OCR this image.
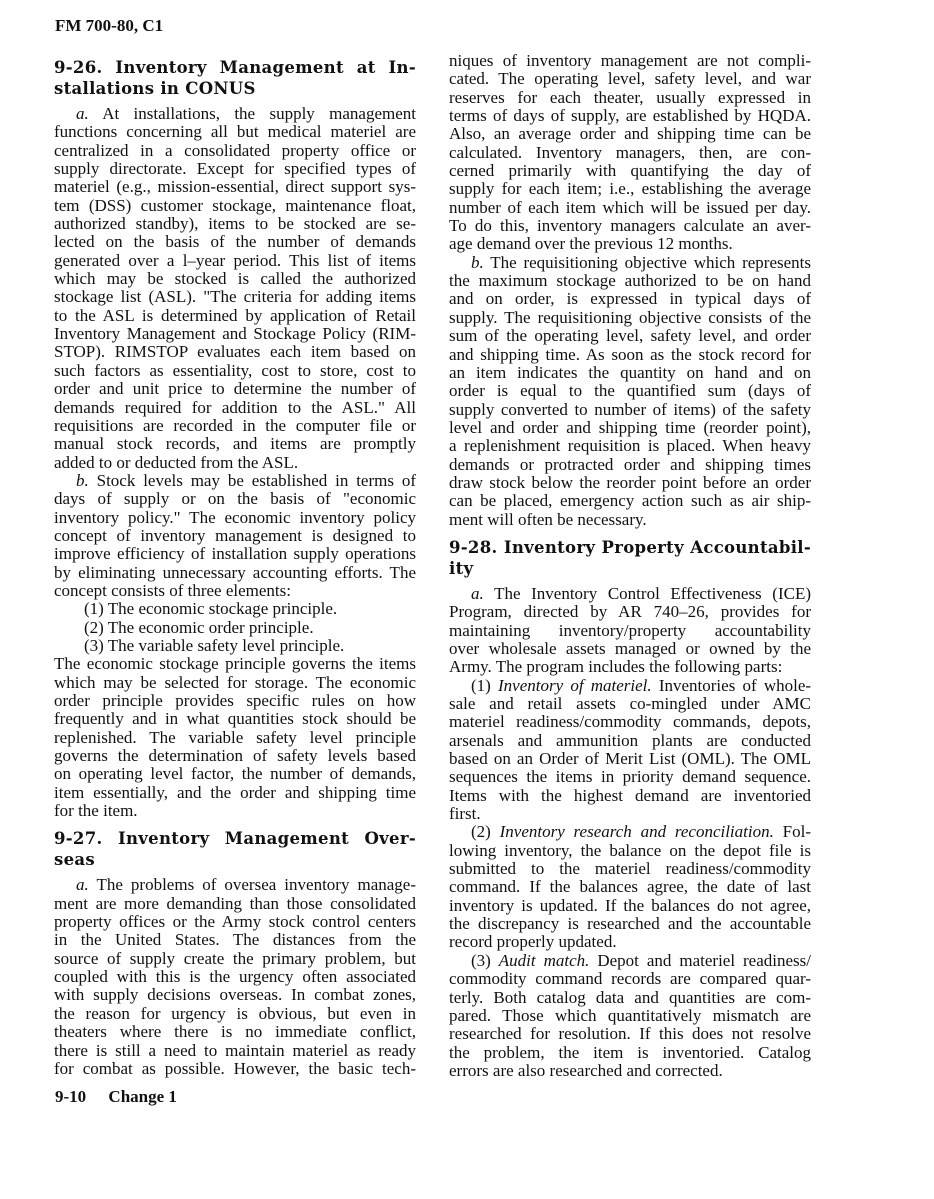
FM 700-80, C1
9-26. Inventory Management at In-
stallations in CONUS
a. At installations, the supply management
functions concerning all but medical materiel are
centralized in a consolidated property office or
supply directorate. Except for specified types of
materiel (e.g., mission-essential, direct support sys-
tem (DSS) customer stockage, maintenance float,
authorized standby), items to be stocked are se-
lected on the basis of the number of demands
generated over a l–year period. This list of items
which may be stocked is called the authorized
stockage list (ASL). "The criteria for adding items
to the ASL is determined by application of Retail
Inventory Management and Stockage Policy (RIM-
STOP). RIMSTOP evaluates each item based on
such factors as essentiality, cost to store, cost to
order and unit price to determine the number of
demands required for addition to the ASL." All
requisitions are recorded in the computer file or
manual stock records, and items are promptly
added to or deducted from the ASL.
b. Stock levels may be established in terms of
days of supply or on the basis of "economic
inventory policy." The economic inventory policy
concept of inventory management is designed to
improve efficiency of installation supply operations
by eliminating unnecessary accounting efforts. The
concept consists of three elements:
(1) The economic stockage principle.
(2) The economic order principle.
(3) The variable safety level principle.
The economic stockage principle governs the items
which may be selected for storage. The economic
order principle provides specific rules on how
frequently and in what quantities stock should be
replenished. The variable safety level principle
governs the determination of safety levels based
on operating level factor, the number of demands,
item essentially, and the order and shipping time
for the item.
9-27. Inventory Management Over-
seas
a. The problems of oversea inventory manage-
ment are more demanding than those consolidated
property offices or the Army stock control centers
in the United States. The distances from the
source of supply create the primary problem, but
coupled with this is the urgency often associated
with supply decisions overseas. In combat zones,
the reason for urgency is obvious, but even in
theaters where there is no immediate conflict,
there is still a need to maintain materiel as ready
for combat as possible. However, the basic tech-
niques of inventory management are not compli-
cated. The operating level, safety level, and war
reserves for each theater, usually expressed in
terms of days of supply, are established by HQDA.
Also, an average order and shipping time can be
calculated. Inventory managers, then, are con-
cerned primarily with quantifying the day of
supply for each item; i.e., establishing the average
number of each item which will be issued per day.
To do this, inventory managers calculate an aver-
age demand over the previous 12 months.
b. The requisitioning objective which represents
the maximum stockage authorized to be on hand
and on order, is expressed in typical days of
supply. The requisitioning objective consists of the
sum of the operating level, safety level, and order
and shipping time. As soon as the stock record for
an item indicates the quantity on hand and on
order is equal to the quantified sum (days of
supply converted to number of items) of the safety
level and order and shipping time (reorder point),
a replenishment requisition is placed. When heavy
demands or protracted order and shipping times
draw stock below the reorder point before an order
can be placed, emergency action such as air ship-
ment will often be necessary.
9-28. Inventory Property Accountabil-
ity
a. The Inventory Control Effectiveness (ICE)
Program, directed by AR 740–26, provides for
maintaining inventory/property accountability
over wholesale assets managed or owned by the
Army. The program includes the following parts:
(1) Inventory of materiel. Inventories of whole-
sale and retail assets co-mingled under AMC
materiel readiness/commodity commands, depots,
arsenals and ammunition plants are conducted
based on an Order of Merit List (OML). The OML
sequences the items in priority demand sequence.
Items with the highest demand are inventoried
first.
(2) Inventory research and reconciliation. Fol-
lowing inventory, the balance on the depot file is
submitted to the materiel readiness/commodity
command. If the balances agree, the date of last
inventory is updated. If the balances do not agree,
the discrepancy is researched and the accountable
record properly updated.
(3) Audit match. Depot and materiel readiness/
commodity command records are compared quar-
terly. Both catalog data and quantities are com-
pared. Those which quantitatively mismatch are
researched for resolution. If this does not resolve
the problem, the item is inventoried. Catalog
errors are also researched and corrected.
9-10 Change 1
